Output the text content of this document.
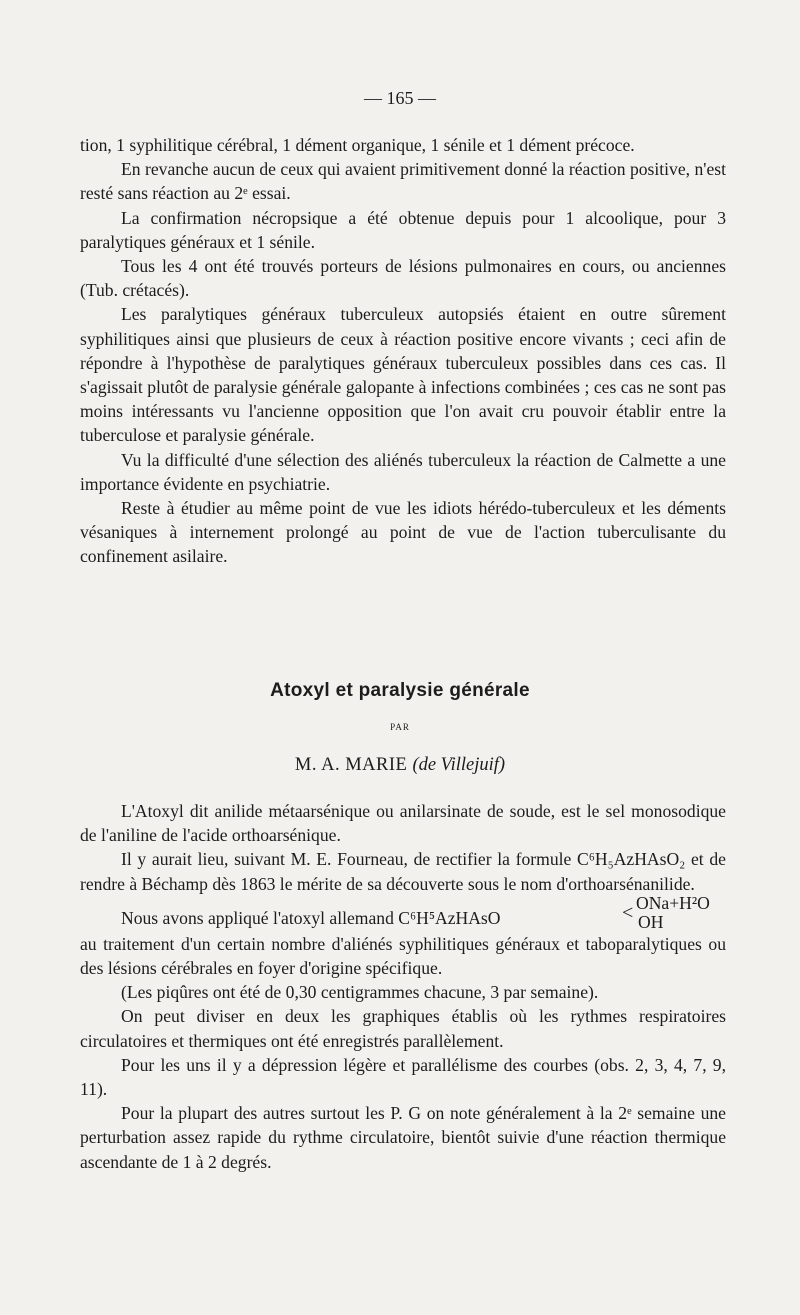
— 165 —

tion, 1 syphilitique cérébral, 1 dément organique, 1 sénile et 1 dément précoce.

En revanche aucun de ceux qui avaient primitivement donné la réaction positive, n'est resté sans réaction au 2ᵉ essai.

La confirmation nécropsique a été obtenue depuis pour 1 alcoolique, pour 3 paralytiques généraux et 1 sénile.

Tous les 4 ont été trouvés porteurs de lésions pulmonaires en cours, ou anciennes (Tub. crétacés).

Les paralytiques généraux tuberculeux autopsiés étaient en outre sûrement syphilitiques ainsi que plusieurs de ceux à réaction positive encore vivants ; ceci afin de répondre à l'hypothèse de paralytiques généraux tuberculeux possibles dans ces cas. Il s'agissait plutôt de paralysie générale galopante à infections combinées ; ces cas ne sont pas moins intéressants vu l'ancienne opposition que l'on avait cru pouvoir établir entre la tuberculose et paralysie générale.

Vu la difficulté d'une sélection des aliénés tuberculeux la réaction de Calmette a une importance évidente en psychiatrie.

Reste à étudier au même point de vue les idiots hérédo-tuberculeux et les déments vésaniques à internement prolongé au point de vue de l'action tuberculisante du confinement asilaire.

Atoxyl et paralysie générale
PAR
M. A. MARIE (de Villejuif)

L'Atoxyl dit anilide métaarsénique ou anilarsinate de soude, est le sel monosodique de l'aniline de l'acide orthoarsénique.

Il y aurait lieu, suivant M. E. Fourneau, de rectifier la formule C⁶H₅AzHAsO₂ et de rendre à Béchamp dès 1863 le mérite de sa découverte sous le nom d'orthoarsénanilide.

Nous avons appliqué l'atoxyl allemand C⁶H⁵AzHAsO	< ONa+H²O
OH

au traitement d'un certain nombre d'aliénés syphilitiques généraux et taboparalytiques ou des lésions cérébrales en foyer d'origine spécifique.

(Les piqûres ont été de 0,30 centigrammes chacune, 3 par semaine).

On peut diviser en deux les graphiques établis où les rythmes respiratoires circulatoires et thermiques ont été enregistrés parallèlement.

Pour les uns il y a dépression légère et parallélisme des courbes (obs. 2, 3, 4, 7, 9, 11).

Pour la plupart des autres surtout les P. G on note généralement à la 2ᵉ semaine une perturbation assez rapide du rythme circulatoire, bientôt suivie d'une réaction thermique ascendante de 1 à 2 degrés.
